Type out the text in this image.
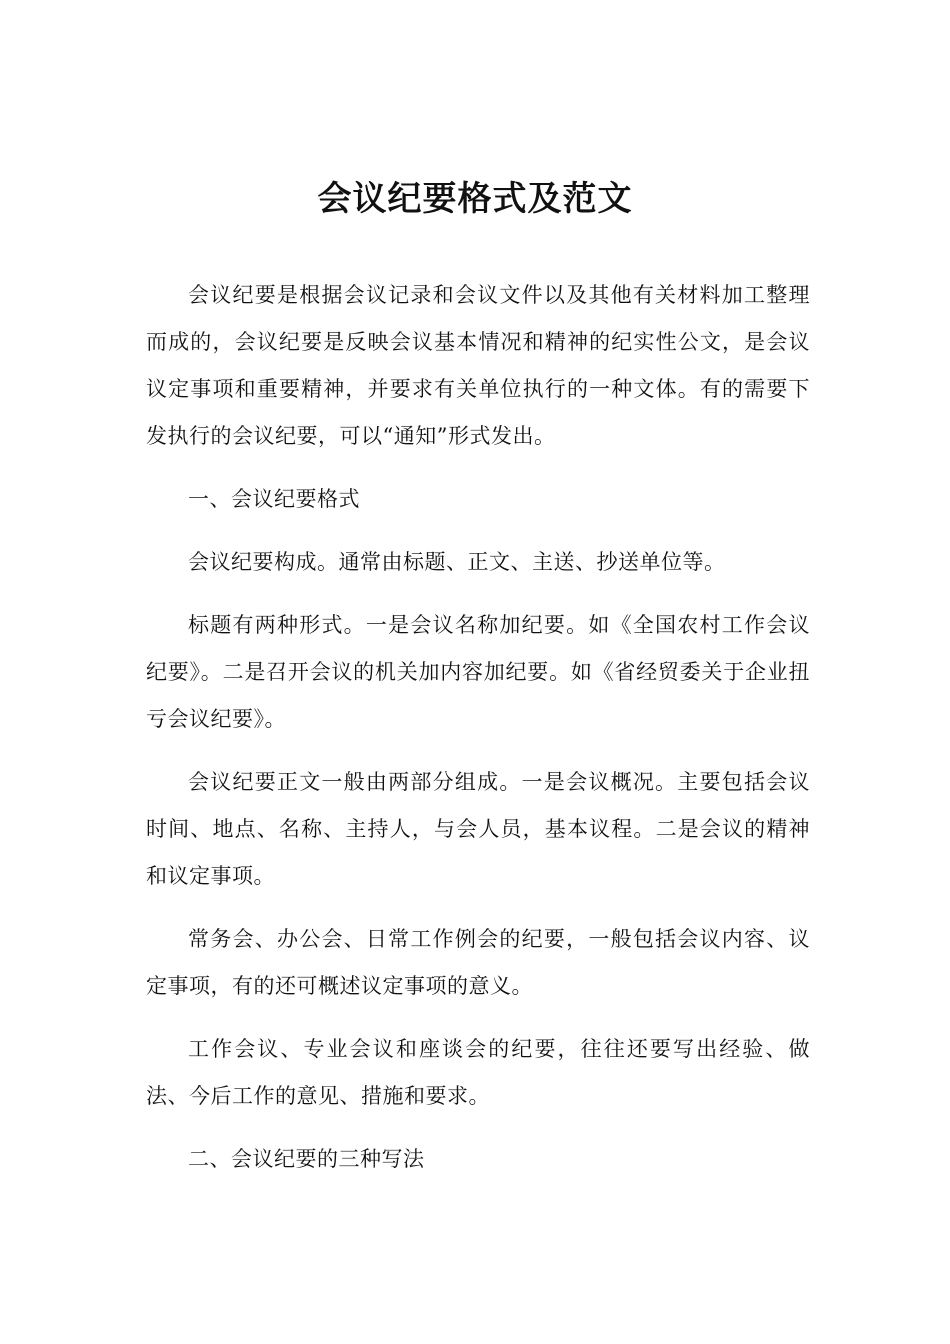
会议纪要格式及范文

会议纪要是根据会议记录和会议文件以及其他有关材料加工整理而成的，会议纪要是反映会议基本情况和精神的纪实性公文，是会议议定事项和重要精神，并要求有关单位执行的一种文体。有的需要下发执行的会议纪要，可以“通知”形式发出。

一、会议纪要格式

会议纪要构成。通常由标题、正文、主送、抄送单位等。

标题有两种形式。一是会议名称加纪要。如《全国农村工作会议纪要》。二是召开会议的机关加内容加纪要。如《省经贸委关于企业扭亏会议纪要》。

会议纪要正文一般由两部分组成。一是会议概况。主要包括会议时间、地点、名称、主持人，与会人员，基本议程。二是会议的精神和议定事项。

常务会、办公会、日常工作例会的纪要，一般包括会议内容、议定事项，有的还可概述议定事项的意义。

工作会议、专业会议和座谈会的纪要，往往还要写出经验、做法、今后工作的意见、措施和要求。

二、会议纪要的三种写法
